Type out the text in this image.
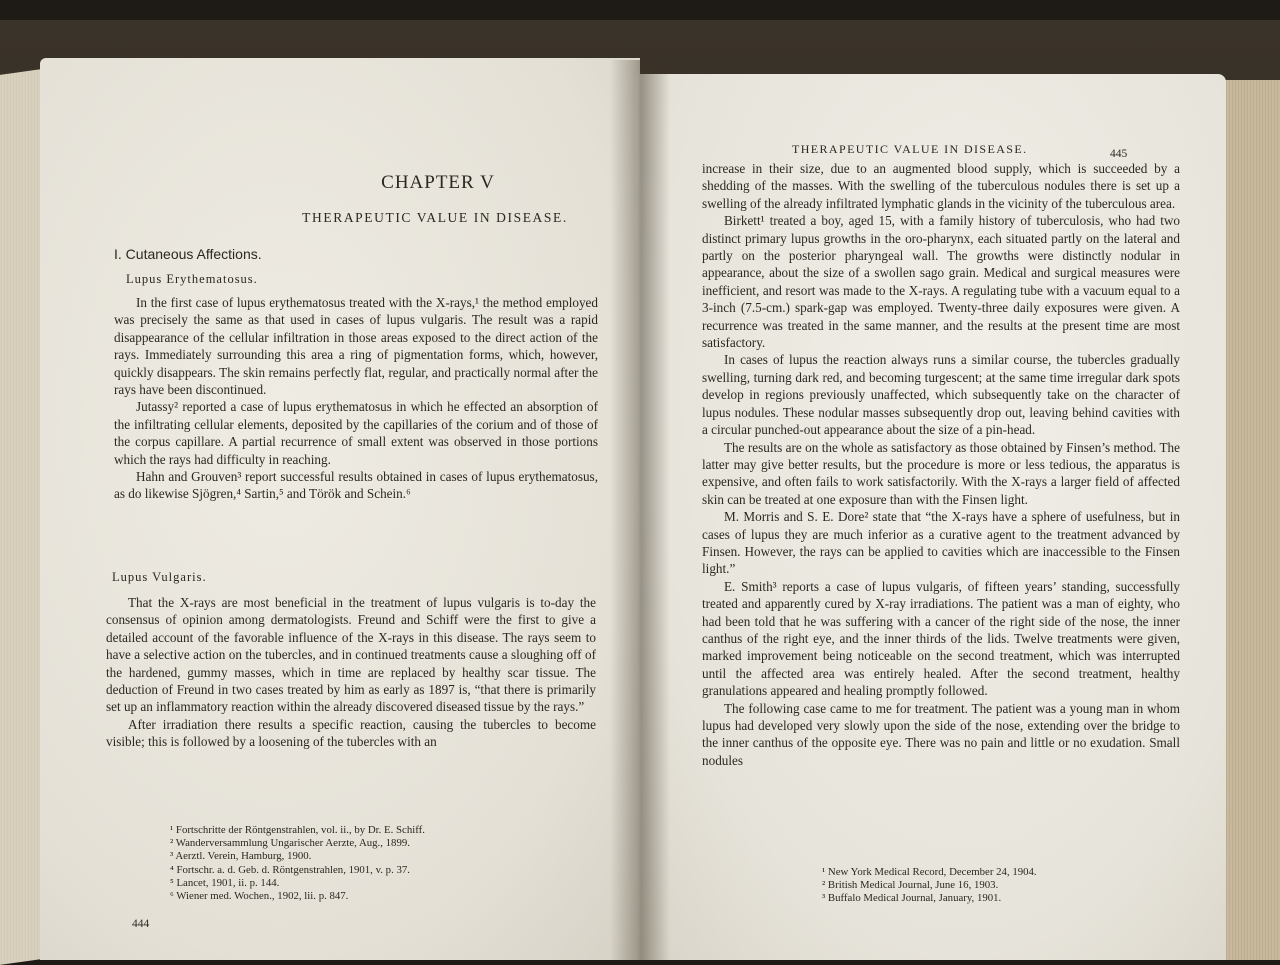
CHAPTER V
THERAPEUTIC VALUE IN DISEASE.
I. Cutaneous Affections.
Lupus Erythematosus.

In the first case of lupus erythematosus treated with the X-rays,¹ the method employed was precisely the same as that used in cases of lupus vulgaris. The result was a rapid disappearance of the cellular infiltration in those areas exposed to the direct action of the rays. Immediately surrounding this area a ring of pigmentation forms, which, however, quickly disappears. The skin remains perfectly flat, regular, and practically normal after the rays have been discontinued.

Jutassy² reported a case of lupus erythematosus in which he effected an absorption of the infiltrating cellular elements, deposited by the capillaries of the corium and of those of the corpus capillare. A partial recurrence of small extent was observed in those portions which the rays had difficulty in reaching.

Hahn and Grouven³ report successful results obtained in cases of lupus erythematosus, as do likewise Sjögren,⁴ Sartin,⁵ and Török and Schein.⁶

Lupus Vulgaris.

That the X-rays are most beneficial in the treatment of lupus vulgaris is to-day the consensus of opinion among dermatologists. Freund and Schiff were the first to give a detailed account of the favorable influence of the X-rays in this disease. The rays seem to have a selective action on the tubercles, and in continued treatments cause a sloughing off of the hardened, gummy masses, which in time are replaced by healthy scar tissue. The deduction of Freund in two cases treated by him as early as 1897 is, “that there is primarily set up an inflammatory reaction within the already discovered diseased tissue by the rays.”

After irradiation there results a specific reaction, causing the tubercles to become visible; this is followed by a loosening of the tubercles with an

¹ Fortschritte der Röntgenstrahlen, vol. ii., by Dr. E. Schiff.
² Wanderversammlung Ungarischer Aerzte, Aug., 1899.
³ Aerztl. Verein, Hamburg, 1900.
⁴ Fortschr. a. d. Geb. d. Röntgenstrahlen, 1901, v. p. 37.
⁵ Lancet, 1901, ii. p. 144.
⁶ Wiener med. Wochen., 1902, lii. p. 847.
444
THERAPEUTIC VALUE IN DISEASE.	445

increase in their size, due to an augmented blood supply, which is succeeded by a shedding of the masses. With the swelling of the tuberculous nodules there is set up a swelling of the already infiltrated lymphatic glands in the vicinity of the tuberculous area.

Birkett¹ treated a boy, aged 15, with a family history of tuberculosis, who had two distinct primary lupus growths in the oro-pharynx, each situated partly on the lateral and partly on the posterior pharyngeal wall. The growths were distinctly nodular in appearance, about the size of a swollen sago grain. Medical and surgical measures were inefficient, and resort was made to the X-rays. A regulating tube with a vacuum equal to a 3-inch (7.5-cm.) spark-gap was employed. Twenty-three daily exposures were given. A recurrence was treated in the same manner, and the results at the present time are most satisfactory.

In cases of lupus the reaction always runs a similar course, the tubercles gradually swelling, turning dark red, and becoming turgescent; at the same time irregular dark spots develop in regions previously unaffected, which subsequently take on the character of lupus nodules. These nodular masses subsequently drop out, leaving behind cavities with a circular punched-out appearance about the size of a pin-head.

The results are on the whole as satisfactory as those obtained by Finsen’s method. The latter may give better results, but the procedure is more or less tedious, the apparatus is expensive, and often fails to work satisfactorily. With the X-rays a larger field of affected skin can be treated at one exposure than with the Finsen light.

M. Morris and S. E. Dore² state that “the X-rays have a sphere of usefulness, but in cases of lupus they are much inferior as a curative agent to the treatment advanced by Finsen. However, the rays can be applied to cavities which are inaccessible to the Finsen light.”

E. Smith³ reports a case of lupus vulgaris, of fifteen years’ standing, successfully treated and apparently cured by X-ray irradiations. The patient was a man of eighty, who had been told that he was suffering with a cancer of the right side of the nose, the inner canthus of the right eye, and the inner thirds of the lids. Twelve treatments were given, marked improvement being noticeable on the second treatment, which was interrupted until the affected area was entirely healed. After the second treatment, healthy granulations appeared and healing promptly followed.

The following case came to me for treatment. The patient was a young man in whom lupus had developed very slowly upon the side of the nose, extending over the bridge to the inner canthus of the opposite eye. There was no pain and little or no exudation. Small nodules

¹ New York Medical Record, December 24, 1904.
² British Medical Journal, June 16, 1903.
³ Buffalo Medical Journal, January, 1901.
